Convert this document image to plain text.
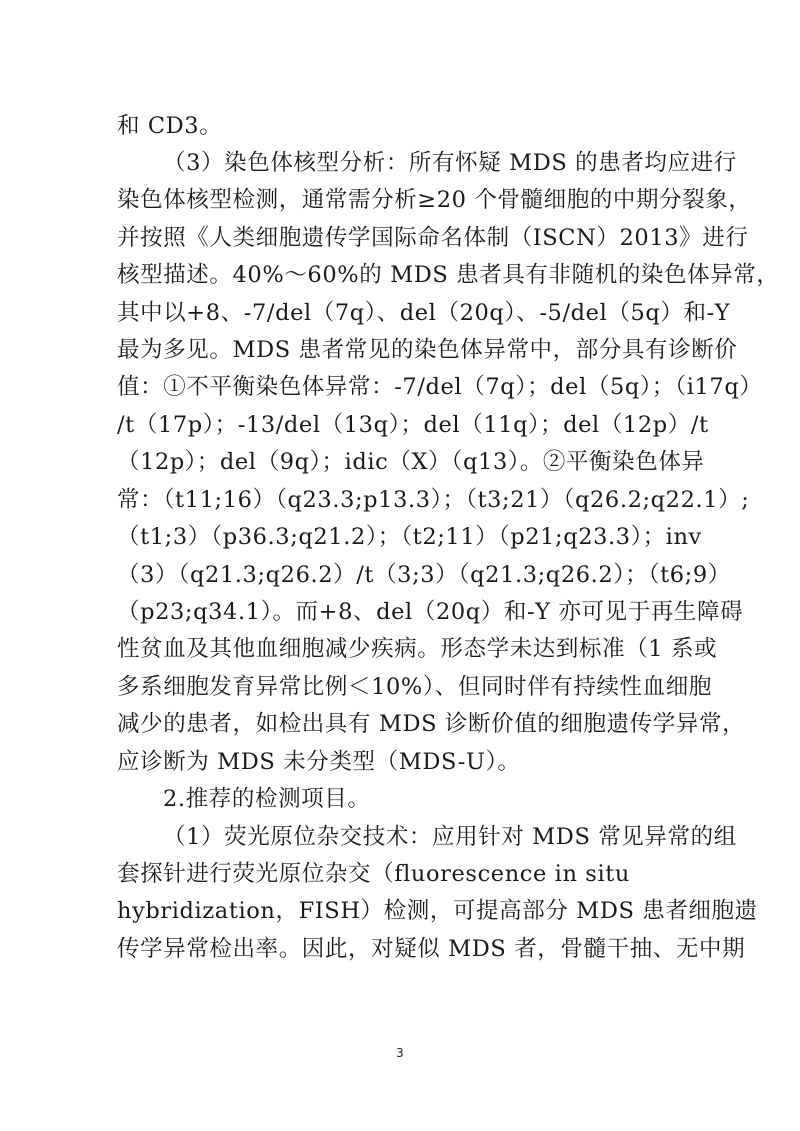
和 CD3。
（3）染色体核型分析：所有怀疑 MDS 的患者均应进行
染色体核型检测，通常需分析≥20 个骨髓细胞的中期分裂象，
并按照《人类细胞遗传学国际命名体制（ISCN）2013》进行
核型描述。40%～60%的 MDS 患者具有非随机的染色体异常，
其中以+8、-7/del（7q）、del（20q）、-5/del（5q）和-Y
最为多见。MDS 患者常见的染色体异常中，部分具有诊断价
值：①不平衡染色体异常：-7/del（7q）；del（5q）；（i17q）
/t（17p）；-13/del（13q）；del（11q）；del（12p）/t
（12p）；del（9q）；idic（X）（q13）。②平衡染色体异
常：（t11;16）（q23.3;p13.3）；（t3;21）（q26.2;q22.1）;
（t1;3）（p36.3;q21.2）；（t2;11）（p21;q23.3）；inv
（3）（q21.3;q26.2）/t（3;3）（q21.3;q26.2）；（t6;9）
（p23;q34.1）。而+8、del（20q）和-Y 亦可见于再生障碍
性贫血及其他血细胞减少疾病。形态学未达到标准（1 系或
多系细胞发育异常比例＜10%）、但同时伴有持续性血细胞
减少的患者，如检出具有 MDS 诊断价值的细胞遗传学异常，
应诊断为 MDS 未分类型（MDS-U）。
2.推荐的检测项目。
（1）荧光原位杂交技术：应用针对 MDS 常见异常的组
套探针进行荧光原位杂交（fluorescence in situ
hybridization，FISH）检测，可提高部分 MDS 患者细胞遗
传学异常检出率。因此，对疑似 MDS 者，骨髓干抽、无中期
3
